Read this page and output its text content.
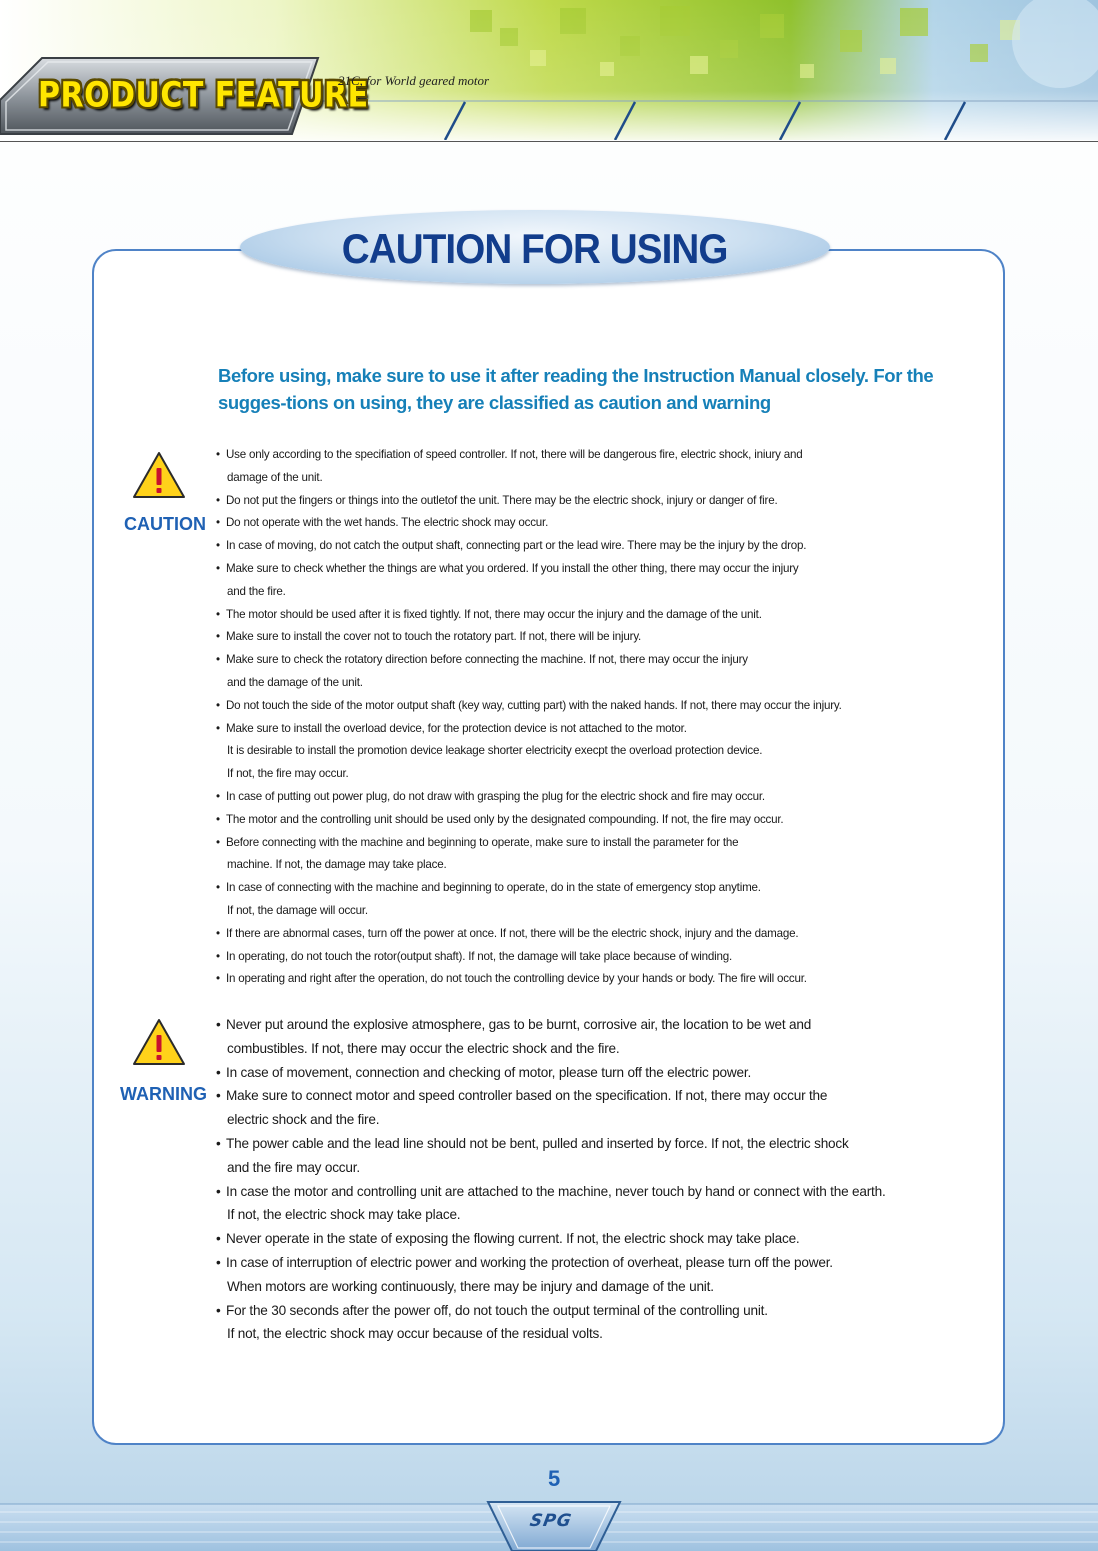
PRODUCT FEATURE
21C, for World geared motor
CAUTION FOR USING
Before using, make sure to use it after reading the Instruction Manual closely. For the sugges-tions on using, they are classified as caution and warning
CAUTION
• Use only according to the specifiation of speed controller. If not, there will be dangerous fire, electric shock, iniury and
damage of the unit.
• Do not put the fingers or things into the outletof the unit. There may be the electric shock, injury or danger of fire.
• Do not operate with the wet hands. The electric shock may occur.
• In case of moving, do not catch the output shaft, connecting part or the lead wire. There may be the injury by the drop.
• Make sure to check whether the things are what you ordered. If you install the other thing, there may occur the injury
and the fire.
• The motor should be used after it is fixed tightly. If not, there may occur the injury and the damage of the unit.
• Make sure to install the cover not to touch the rotatory part. If not, there will be injury.
• Make sure to check the rotatory direction before connecting the machine. If not, there may occur the injury
and the damage of the unit.
• Do not touch the side of the motor output shaft (key way, cutting part) with the naked hands. If not, there may occur the injury.
• Make sure to install the overload device, for the protection device is not attached to the motor.
It is desirable to install the promotion device leakage shorter electricity execpt the overload protection device.
If not, the fire may occur.
• In case of putting out power plug, do not draw with grasping the plug for the electric shock and fire may occur.
• The motor and the controlling unit should be used only by the designated compounding. If not, the fire may occur.
• Before connecting with the machine and beginning to operate, make sure to install the parameter for the
machine. If not, the damage may take place.
• In case of connecting with the machine and beginning to operate, do in the state of emergency stop anytime.
If not, the damage will occur.
• If there are abnormal cases, turn off the power at once. If not, there will be the electric shock, injury and the damage.
• In operating, do not touch the rotor(output shaft). If not, the damage will take place because of winding.
• In operating and right after the operation, do not touch the controlling device by your hands or body. The fire will occur.
WARNING
• Never put around the explosive atmosphere, gas to be burnt, corrosive air, the location to be wet and
combustibles. If not, there may occur the electric shock and the fire.
• In case of movement, connection and checking of motor, please turn off the electric power.
• Make sure to connect motor and speed controller based on the specification. If not, there may occur the
electric shock and the fire.
• The power cable and the lead line should not be bent, pulled and inserted by force. If not, the electric shock
and the fire may occur.
• In case the motor and controlling unit are attached to the machine, never touch by hand or connect with the earth.
If not, the electric shock may take place.
• Never operate in the state of exposing the flowing current. If not, the electric shock may take place.
• In case of interruption of electric power and working the protection of overheat, please turn off the power.
When motors are working continuously, there may be injury and damage of the unit.
• For the 30 seconds after the power off, do not touch the output terminal of the controlling unit.
If not, the electric shock may occur because of the residual volts.
5
SPG
